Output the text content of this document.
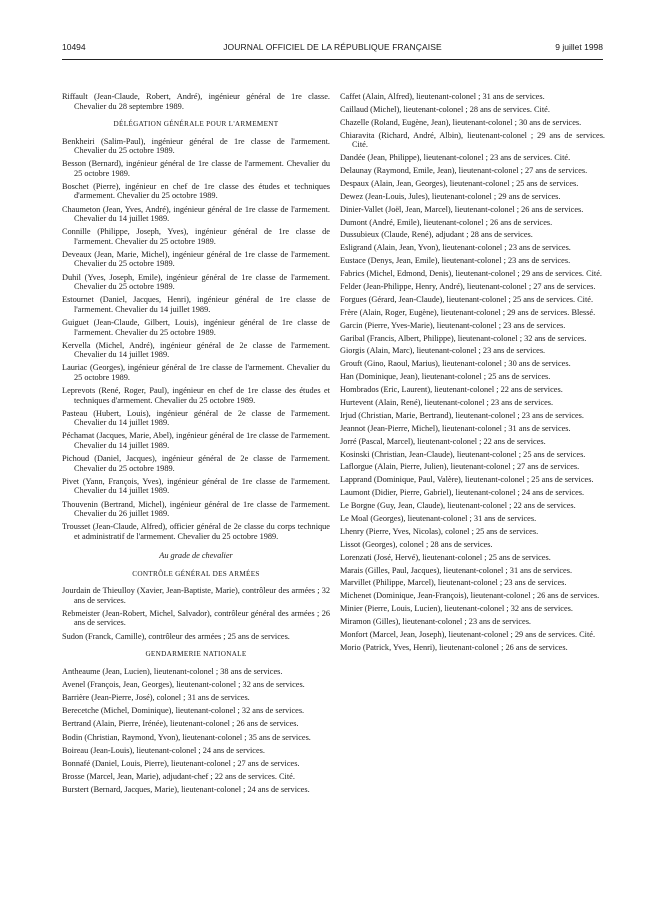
10494	JOURNAL OFFICIEL DE LA RÉPUBLIQUE FRANÇAISE	9 juillet 1998

Riffault (Jean-Claude, Robert, André), ingénieur général de 1re classe. Chevalier du 28 septembre 1989.

DÉLÉGATION GÉNÉRALE POUR L'ARMEMENT

Benkheiri (Salim-Paul), ingénieur général de 1re classe de l'armement. Chevalier du 25 octobre 1989.

Besson (Bernard), ingénieur général de 1re classe de l'armement. Chevalier du 25 octobre 1989.

Boschet (Pierre), ingénieur en chef de 1re classe des études et techniques d'armement. Chevalier du 25 octobre 1989.

Chaumeton (Jean, Yves, André), ingénieur général de 1re classe de l'armement. Chevalier du 14 juillet 1989.

Connille (Philippe, Joseph, Yves), ingénieur général de 1re classe de l'armement. Chevalier du 25 octobre 1989.

Deveaux (Jean, Marie, Michel), ingénieur général de 1re classe de l'armement. Chevalier du 25 octobre 1989.

Duhil (Yves, Joseph, Emile), ingénieur général de 1re classe de l'armement. Chevalier du 25 octobre 1989.

Estournet (Daniel, Jacques, Henri), ingénieur général de 1re classe de l'armement. Chevalier du 14 juillet 1989.

Guiguet (Jean-Claude, Gilbert, Louis), ingénieur général de 1re classe de l'armement. Chevalier du 25 octobre 1989.

Kervella (Michel, André), ingénieur général de 2e classe de l'armement. Chevalier du 14 juillet 1989.

Lauriac (Georges), ingénieur général de 1re classe de l'armement. Chevalier du 25 octobre 1989.

Leprevots (René, Roger, Paul), ingénieur en chef de 1re classe des études et techniques d'armement. Chevalier du 25 octobre 1989.

Pasteau (Hubert, Louis), ingénieur général de 2e classe de l'armement. Chevalier du 14 juillet 1989.

Péchamat (Jacques, Marie, Abel), ingénieur général de 1re classe de l'armement. Chevalier du 14 juillet 1989.

Pichoud (Daniel, Jacques), ingénieur général de 2e classe de l'armement. Chevalier du 25 octobre 1989.

Pivet (Yann, François, Yves), ingénieur général de 1re classe de l'armement. Chevalier du 14 juillet 1989.

Thouvenin (Bertrand, Michel), ingénieur général de 1re classe de l'armement. Chevalier du 26 juillet 1989.

Trousset (Jean-Claude, Alfred), officier général de 2e classe du corps technique et administratif de l'armement. Chevalier du 25 octobre 1989.

Au grade de chevalier

CONTRÔLE GÉNÉRAL DES ARMÉES

Jourdain de Thieulloy (Xavier, Jean-Baptiste, Marie), contrôleur des armées ; 32 ans de services.

Rebmeister (Jean-Robert, Michel, Salvador), contrôleur général des armées ; 26 ans de services.

Sudon (Franck, Camille), contrôleur des armées ; 25 ans de services.

GENDARMERIE NATIONALE

Antheaume (Jean, Lucien), lieutenant-colonel ; 38 ans de services.

Avenel (François, Jean, Georges), lieutenant-colonel ; 32 ans de services.

Barrière (Jean-Pierre, José), colonel ; 31 ans de services.

Berecetche (Michel, Dominique), lieutenant-colonel ; 32 ans de services.

Bertrand (Alain, Pierre, Irénée), lieutenant-colonel ; 26 ans de services.

Bodin (Christian, Raymond, Yvon), lieutenant-colonel ; 35 ans de services.

Boireau (Jean-Louis), lieutenant-colonel ; 24 ans de services.

Bonnafé (Daniel, Louis, Pierre), lieutenant-colonel ; 27 ans de services.

Brosse (Marcel, Jean, Marie), adjudant-chef ; 22 ans de services. Cité.

Burstert (Bernard, Jacques, Marie), lieutenant-colonel ; 24 ans de services.

Caffet (Alain, Alfred), lieutenant-colonel ; 31 ans de services.

Caillaud (Michel), lieutenant-colonel ; 28 ans de services. Cité.

Chazelle (Roland, Eugène, Jean), lieutenant-colonel ; 30 ans de services.

Chiaravita (Richard, André, Albin), lieutenant-colonel ; 29 ans de services. Cité.

Dandée (Jean, Philippe), lieutenant-colonel ; 23 ans de services. Cité.

Delaunay (Raymond, Emile, Jean), lieutenant-colonel ; 27 ans de services.

Despaux (Alain, Jean, Georges), lieutenant-colonel ; 25 ans de services.

Dewez (Jean-Louis, Jules), lieutenant-colonel ; 29 ans de services.

Dinier-Vallet (Joël, Jean, Marcel), lieutenant-colonel ; 26 ans de services.

Dumont (André, Emile), lieutenant-colonel ; 26 ans de services.

Dussubieux (Claude, René), adjudant ; 28 ans de services.

Esligrand (Alain, Jean, Yvon), lieutenant-colonel ; 23 ans de services.

Eustace (Denys, Jean, Emile), lieutenant-colonel ; 23 ans de services.

Fabrics (Michel, Edmond, Denis), lieutenant-colonel ; 29 ans de services. Cité.

Felder (Jean-Philippe, Henry, André), lieutenant-colonel ; 27 ans de services.

Forgues (Gérard, Jean-Claude), lieutenant-colonel ; 25 ans de services. Cité.

Frère (Alain, Roger, Eugène), lieutenant-colonel ; 29 ans de services. Blessé.

Garcin (Pierre, Yves-Marie), lieutenant-colonel ; 23 ans de services.

Garibal (Francis, Albert, Philippe), lieutenant-colonel ; 32 ans de services.

Giorgis (Alain, Marc), lieutenant-colonel ; 23 ans de services.

Grouft (Gino, Raoul, Marius), lieutenant-colonel ; 30 ans de services.

Han (Dominique, Jean), lieutenant-colonel ; 25 ans de services.

Hombrados (Eric, Laurent), lieutenant-colonel ; 22 ans de services.

Hurtevent (Alain, René), lieutenant-colonel ; 23 ans de services.

Irjud (Christian, Marie, Bertrand), lieutenant-colonel ; 23 ans de services.

Jeannot (Jean-Pierre, Michel), lieutenant-colonel ; 31 ans de services.

Jorré (Pascal, Marcel), lieutenant-colonel ; 22 ans de services.

Kosinski (Christian, Jean-Claude), lieutenant-colonel ; 25 ans de services.

Laflorgue (Alain, Pierre, Julien), lieutenant-colonel ; 27 ans de services.

Lapprand (Dominique, Paul, Valère), lieutenant-colonel ; 25 ans de services.

Laumont (Didier, Pierre, Gabriel), lieutenant-colonel ; 24 ans de services.

Le Borgne (Guy, Jean, Claude), lieutenant-colonel ; 22 ans de services.

Le Moal (Georges), lieutenant-colonel ; 31 ans de services.

Lhenry (Pierre, Yves, Nicolas), colonel ; 25 ans de services.

Lissot (Georges), colonel ; 28 ans de services.

Lorenzati (José, Hervé), lieutenant-colonel ; 25 ans de services.

Marais (Gilles, Paul, Jacques), lieutenant-colonel ; 31 ans de services.

Marvillet (Philippe, Marcel), lieutenant-colonel ; 23 ans de services.

Michenet (Dominique, Jean-François), lieutenant-colonel ; 26 ans de services.

Minier (Pierre, Louis, Lucien), lieutenant-colonel ; 32 ans de services.

Miramon (Gilles), lieutenant-colonel ; 23 ans de services.

Monfort (Marcel, Jean, Joseph), lieutenant-colonel ; 29 ans de services. Cité.

Morio (Patrick, Yves, Henri), lieutenant-colonel ; 26 ans de services.
